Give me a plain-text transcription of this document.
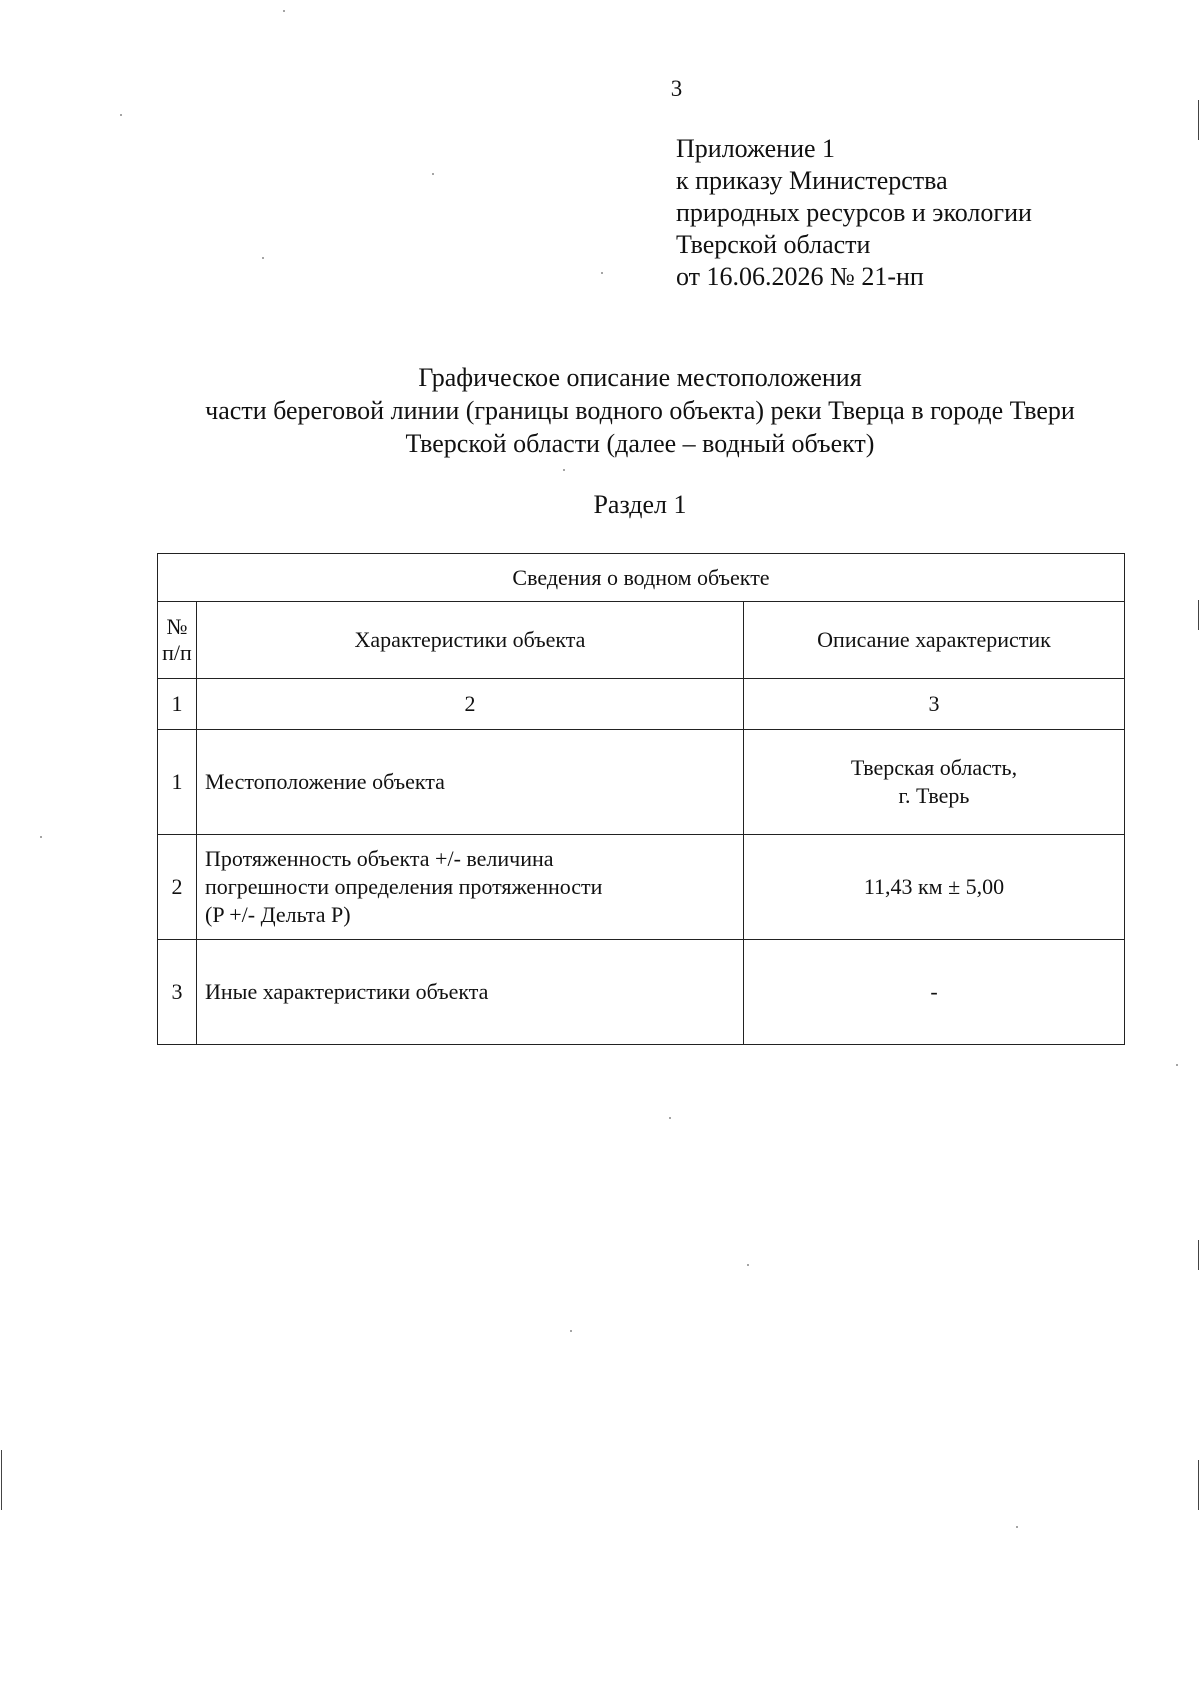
3
Приложение 1
к приказу Министерства
природных ресурсов и экологии
Тверской области
от 16.06.2026 № 21-нп
Графическое описание местоположения
части береговой линии (границы водного объекта) реки Тверца в городе Твери
Тверской области (далее – водный объект)
Раздел 1
Сведения о водном объекте		

№
п/п	Характеристики объекта	Описание характеристик
1	2	3
1	Местоположение объекта	Тверская область,
г. Тверь

2	Протяженность объекта +/- величина
погрешности определения протяженности
(P +/- Дельта P)	11,43 км ± 5,00
3	Иные характеристики объекта	-
